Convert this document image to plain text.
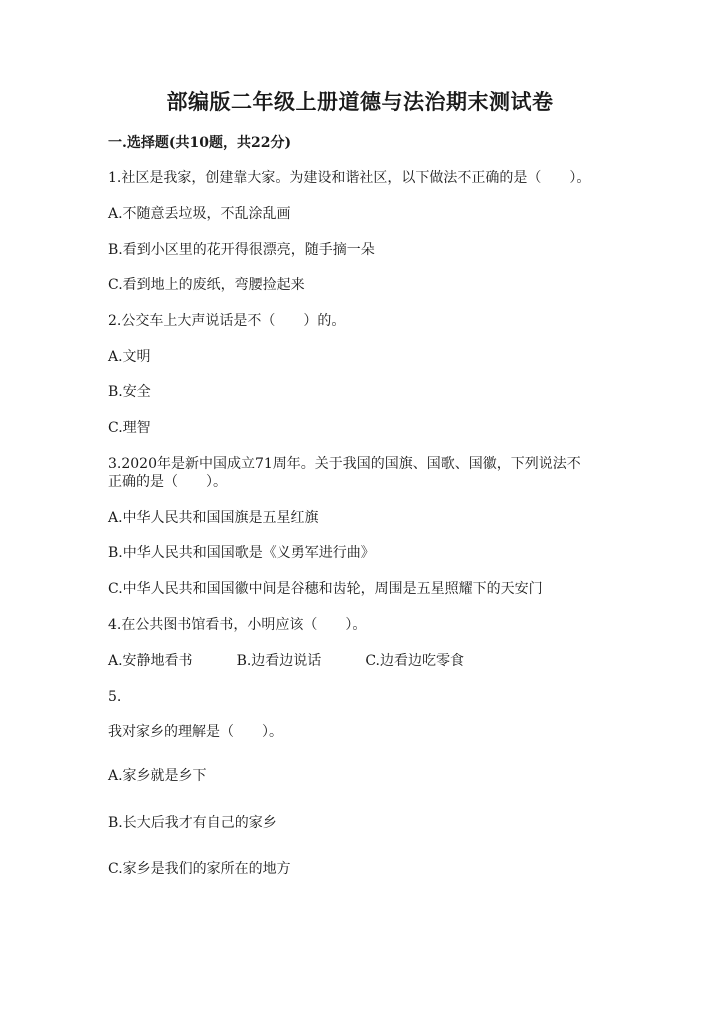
部编版二年级上册道德与法治期末测试卷
一.选择题(共10题，共22分)
1.社区是我家，创建靠大家。为建设和谐社区，以下做法不正确的是（　　）。
A.不随意丢垃圾，不乱涂乱画
B.看到小区里的花开得很漂亮，随手摘一朵
C.看到地上的废纸，弯腰捡起来
2.公交车上大声说话是不（　　）的。
A.文明
B.安全
C.理智
3.2020年是新中国成立71周年。关于我国的国旗、国歌、国徽，下列说法不
正确的是（　　）。
A.中华人民共和国国旗是五星红旗
B.中华人民共和国国歌是《义勇军进行曲》
C.中华人民共和国国徽中间是谷穗和齿轮，周围是五星照耀下的天安门
4.在公共图书馆看书，小明应该（　　）。
A.安静地看书	B.边看边说话	C.边看边吃零食
5.
我对家乡的理解是（　　）。
A.家乡就是乡下
B.长大后我才有自己的家乡
C.家乡是我们的家所在的地方
